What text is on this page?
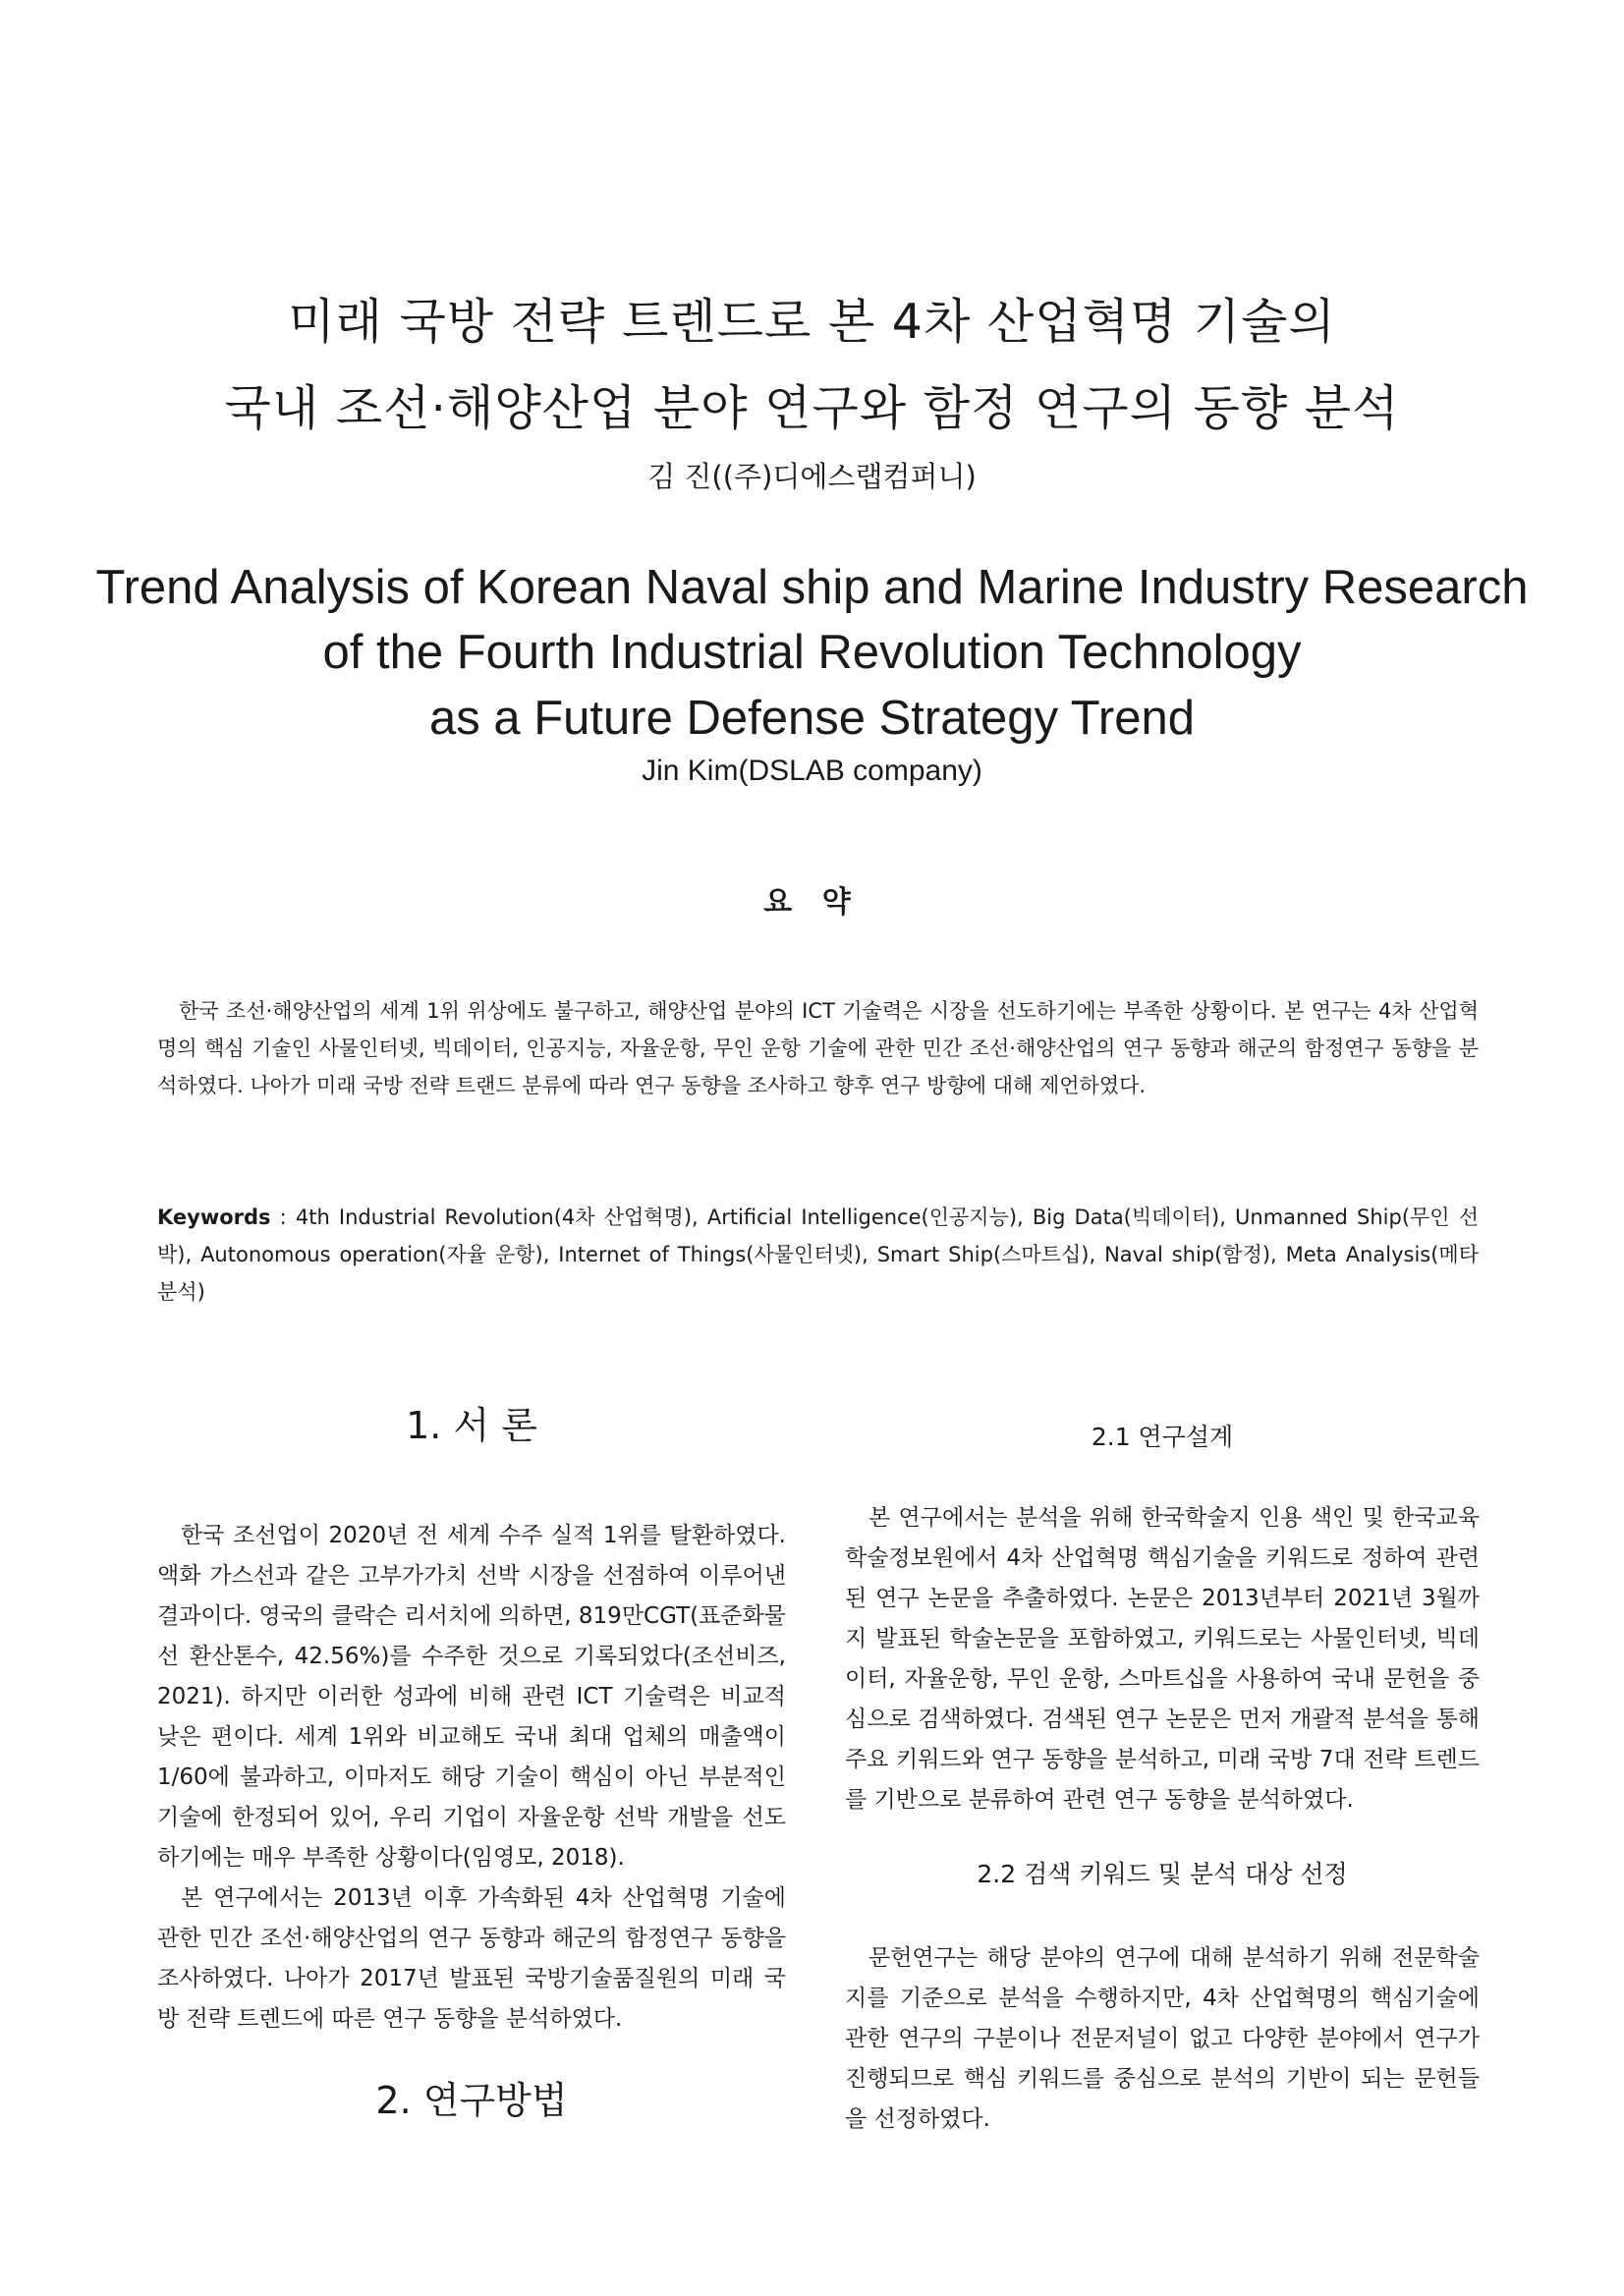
미래 국방 전략 트렌드로 본 4차 산업혁명 기술의
국내 조선·해양산업 분야 연구와 함정 연구의 동향 분석
김 진((주)디에스랩컴퍼니)
Trend Analysis of Korean Naval ship and Marine Industry Research
of the Fourth Industrial Revolution Technology
as a Future Defense Strategy Trend
Jin Kim(DSLAB company)
요 약
한국 조선·해양산업의 세계 1위 위상에도 불구하고, 해양산업 분야의 ICT 기술력은 시장을 선도하기에는 부족한 상황이다. 본 연구는 4차 산업혁명의 핵심 기술인 사물인터넷, 빅데이터, 인공지능, 자율운항, 무인 운항 기술에 관한 민간 조선·해양산업의 연구 동향과 해군의 함정연구 동향을 분석하였다. 나아가 미래 국방 전략 트랜드 분류에 따라 연구 동향을 조사하고 향후 연구 방향에 대해 제언하였다.
Keywords : 4th Industrial Revolution(4차 산업혁명), Artificial Intelligence(인공지능), Big Data(빅데이터), Unmanned Ship(무인 선박), Autonomous operation(자율 운항), Internet of Things(사물인터넷), Smart Ship(스마트십), Naval ship(함정), Meta Analysis(메타 분석)
1. 서 론

한국 조선업이 2020년 전 세계 수주 실적 1위를 탈환하였다. 액화 가스선과 같은 고부가가치 선박 시장을 선점하여 이루어낸 결과이다. 영국의 클락슨 리서치에 의하면, 819만CGT(표준화물선 환산톤수, 42.56%)를 수주한 것으로 기록되었다(조선비즈, 2021). 하지만 이러한 성과에 비해 관련 ICT 기술력은 비교적 낮은 편이다. 세계 1위와 비교해도 국내 최대 업체의 매출액이 1/60에 불과하고, 이마저도 해당 기술이 핵심이 아닌 부분적인 기술에 한정되어 있어, 우리 기업이 자율운항 선박 개발을 선도하기에는 매우 부족한 상황이다(임영모, 2018).

본 연구에서는 2013년 이후 가속화된 4차 산업혁명 기술에 관한 민간 조선·해양산업의 연구 동향과 해군의 함정연구 동향을 조사하였다. 나아가 2017년 발표된 국방기술품질원의 미래 국방 전략 트렌드에 따른 연구 동향을 분석하였다.

2. 연구방법
2.1 연구설계

본 연구에서는 분석을 위해 한국학술지 인용 색인 및 한국교육학술정보원에서 4차 산업혁명 핵심기술을 키워드로 정하여 관련된 연구 논문을 추출하였다. 논문은 2013년부터 2021년 3월까지 발표된 학술논문을 포함하였고, 키워드로는 사물인터넷, 빅데이터, 자율운항, 무인 운항, 스마트십을 사용하여 국내 문헌을 중심으로 검색하였다. 검색된 연구 논문은 먼저 개괄적 분석을 통해 주요 키워드와 연구 동향을 분석하고, 미래 국방 7대 전략 트렌드를 기반으로 분류하여 관련 연구 동향을 분석하였다.

2.2 검색 키워드 및 분석 대상 선정

문헌연구는 해당 분야의 연구에 대해 분석하기 위해 전문학술지를 기준으로 분석을 수행하지만, 4차 산업혁명의 핵심기술에 관한 연구의 구분이나 전문저널이 없고 다양한 분야에서 연구가 진행되므로 핵심 키워드를 중심으로 분석의 기반이 되는 문헌들을 선정하였다.
